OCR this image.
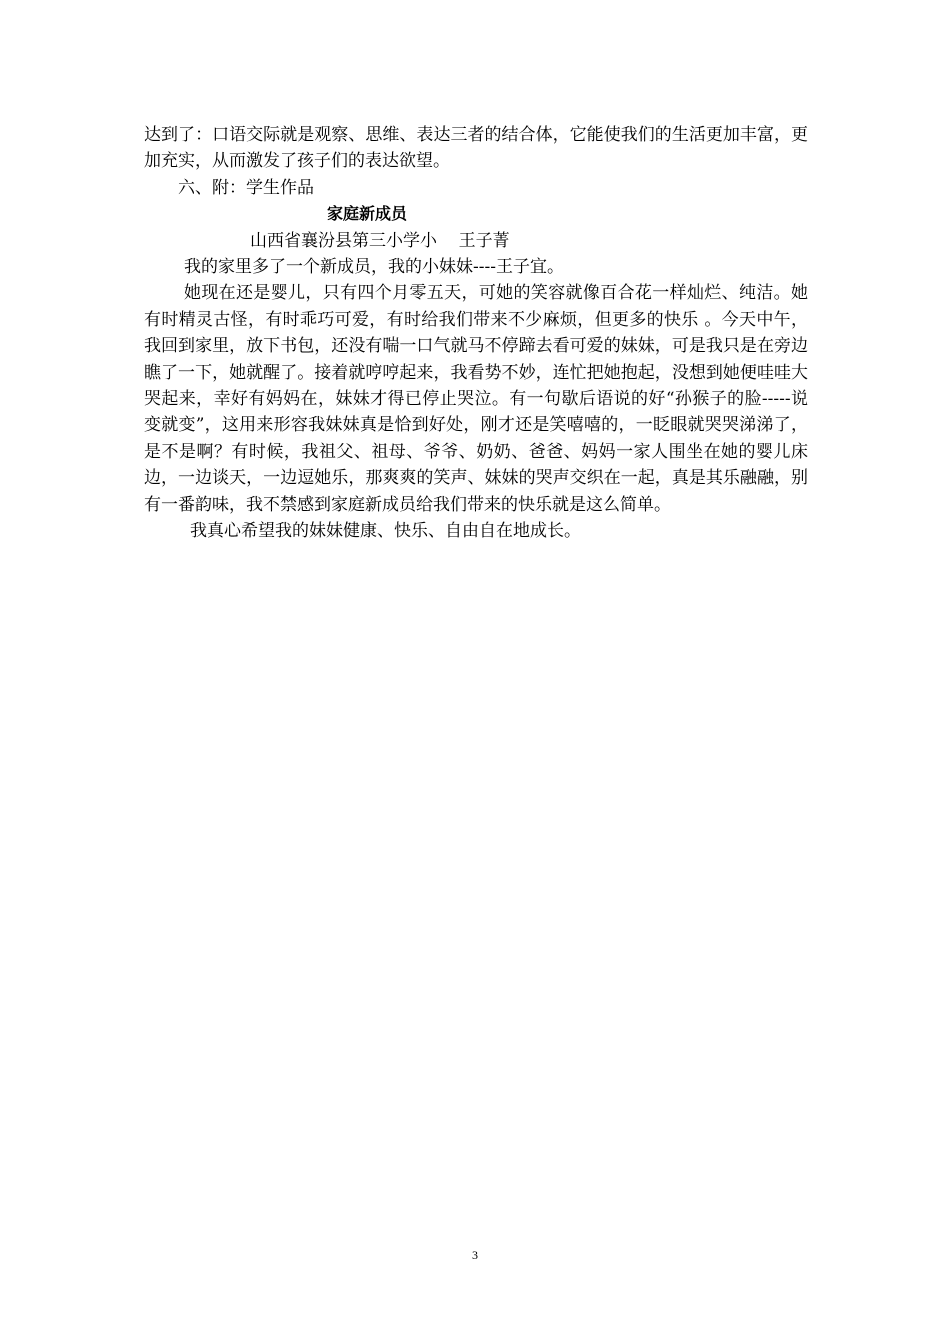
达到了：口语交际就是观察、思维、表达三者的结合体，它能使我们的生活更加丰富，更加充实，从而激发了孩子们的表达欲望。

六、附：学生作品

家庭新成员

山西省襄汾县第三小学小    王子菁

我的家里多了一个新成员，我的小妹妹----王子宜。

她现在还是婴儿，只有四个月零五天，可她的笑容就像百合花一样灿烂、纯洁。她有时精灵古怪，有时乖巧可爱，有时给我们带来不少麻烦，但更多的快乐 。今天中午，我回到家里，放下书包，还没有喘一口气就马不停蹄去看可爱的妹妹，可是我只是在旁边瞧了一下，她就醒了。接着就哼哼起来，我看势不妙，连忙把她抱起，没想到她便哇哇大哭起来，幸好有妈妈在，妹妹才得已停止哭泣。有一句歇后语说的好“孙猴子的脸-----说变就变”，这用来形容我妹妹真是恰到好处，刚才还是笑嘻嘻的，一眨眼就哭哭涕涕了，是不是啊？有时候，我祖父、祖母、爷爷、奶奶、爸爸、妈妈一家人围坐在她的婴儿床边，一边谈天，一边逗她乐，那爽爽的笑声、妹妹的哭声交织在一起，真是其乐融融，别有一番韵味，我不禁感到家庭新成员给我们带来的快乐就是这么简单。

我真心希望我的妹妹健康、快乐、自由自在地成长。

3
